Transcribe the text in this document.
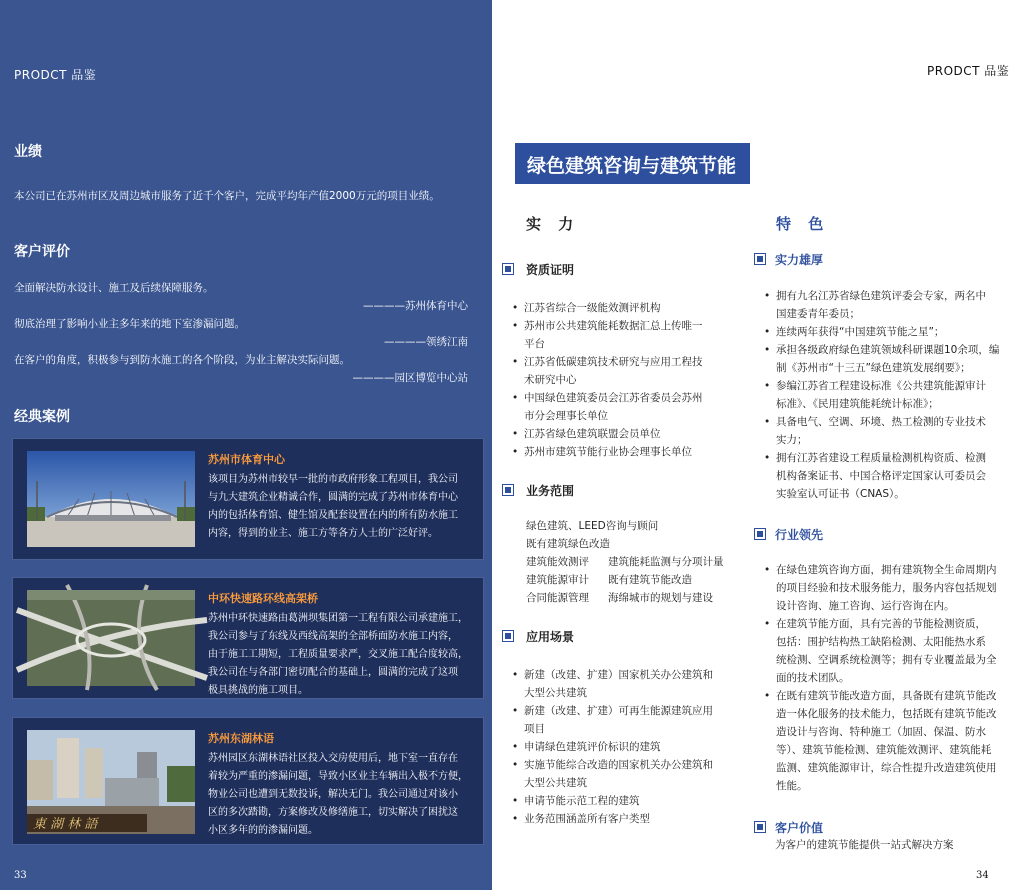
PRODCT 品鉴
业绩
本公司已在苏州市区及周边城市服务了近千个客户，完成平均年产值2000万元的项目业绩。
客户评价
全面解决防水设计、施工及后续保障服务。
————苏州体育中心
彻底治理了影响小业主多年来的地下室渗漏问题。
————领绣江南
在客户的角度，积极参与到防水施工的各个阶段，为业主解决实际问题。
————园区博览中心站
经典案例
苏州市体育中心
该项目为苏州市较早一批的市政府形象工程项目，我公司
与九大建筑企业精诚合作，圆满的完成了苏州市体育中心
内的包括体育馆、健生馆及配套设置在内的所有防水施工
内容，得到的业主、施工方等各方人士的广泛好评。
中环快速路环线高架桥
苏州中环快速路由葛洲坝集团第一工程有限公司承建施工，
我公司参与了东线及西线高架的全部桥面防水施工内容，
由于施工工期短，工程质量要求严，交叉施工配合度较高，
我公司在与各部门密切配合的基础上，圆满的完成了这项
极具挑战的施工项目。
東 湖 林 語
苏州东湖林语
苏州园区东湖林语社区投入交房使用后，地下室一直存在
着较为严重的渗漏问题，导致小区业主车辆出入极不方便，
物业公司也遭到无数投诉，解决无门。我公司通过对该小
区的多次踏勘，方案修改及修缮施工，切实解决了困扰这
小区多年的的渗漏问题。
33
PRODCT 品鉴
绿色建筑咨询与建筑节能
实 力
资质证明
• 江苏省综合一级能效测评机构
• 苏州市公共建筑能耗数据汇总上传唯一
平台
• 江苏省低碳建筑技术研究与应用工程技
术研究中心
• 中国绿色建筑委员会江苏省委员会苏州
市分会理事长单位
• 江苏省绿色建筑联盟会员单位
• 苏州市建筑节能行业协会理事长单位
业务范围
绿色建筑、LEED咨询与顾问
既有建筑绿色改造
建筑能效测评	建筑能耗监测与分项计量
建筑能源审计	既有建筑节能改造
合同能源管理	海绵城市的规划与建设
应用场景
• 新建（改建、扩建）国家机关办公建筑和
大型公共建筑
• 新建（改建、扩建）可再生能源建筑应用
项目
• 申请绿色建筑评价标识的建筑
• 实施节能综合改造的国家机关办公建筑和
大型公共建筑
• 申请节能示范工程的建筑
• 业务范围涵盖所有客户类型
特 色
实力雄厚
• 拥有九名江苏省绿色建筑评委会专家，两名中
国建委青年委员；
• 连续两年获得“中国建筑节能之星”；
• 承担各级政府绿色建筑领域科研课题10余项，编
制《苏州市“十三五”绿色建筑发展纲要》；
• 参编江苏省工程建设标准《公共建筑能源审计
标准》、《民用建筑能耗统计标准》；
• 具备电气、空调、环境、热工检测的专业技术
实力；
• 拥有江苏省建设工程质量检测机构资质、检测
机构备案证书、中国合格评定国家认可委员会
实验室认可证书（CNAS）。
行业领先
• 在绿色建筑咨询方面，拥有建筑物全生命周期内
的项目经验和技术服务能力，服务内容包括规划
设计咨询、施工咨询、运行咨询在内。
• 在建筑节能方面，具有完善的节能检测资质，
包括：围护结构热工缺陷检测、太阳能热水系
统检测、空调系统检测等；拥有专业覆盖最为全
面的技术团队。
• 在既有建筑节能改造方面，具备既有建筑节能改
造一体化服务的技术能力，包括既有建筑节能改
造设计与咨询、特种施工（加固、保温、防水
等）、建筑节能检测、建筑能效测评、建筑能耗
监测、建筑能源审计，综合性提升改造建筑使用
性能。
客户价值
为客户的建筑节能提供一站式解决方案
34
